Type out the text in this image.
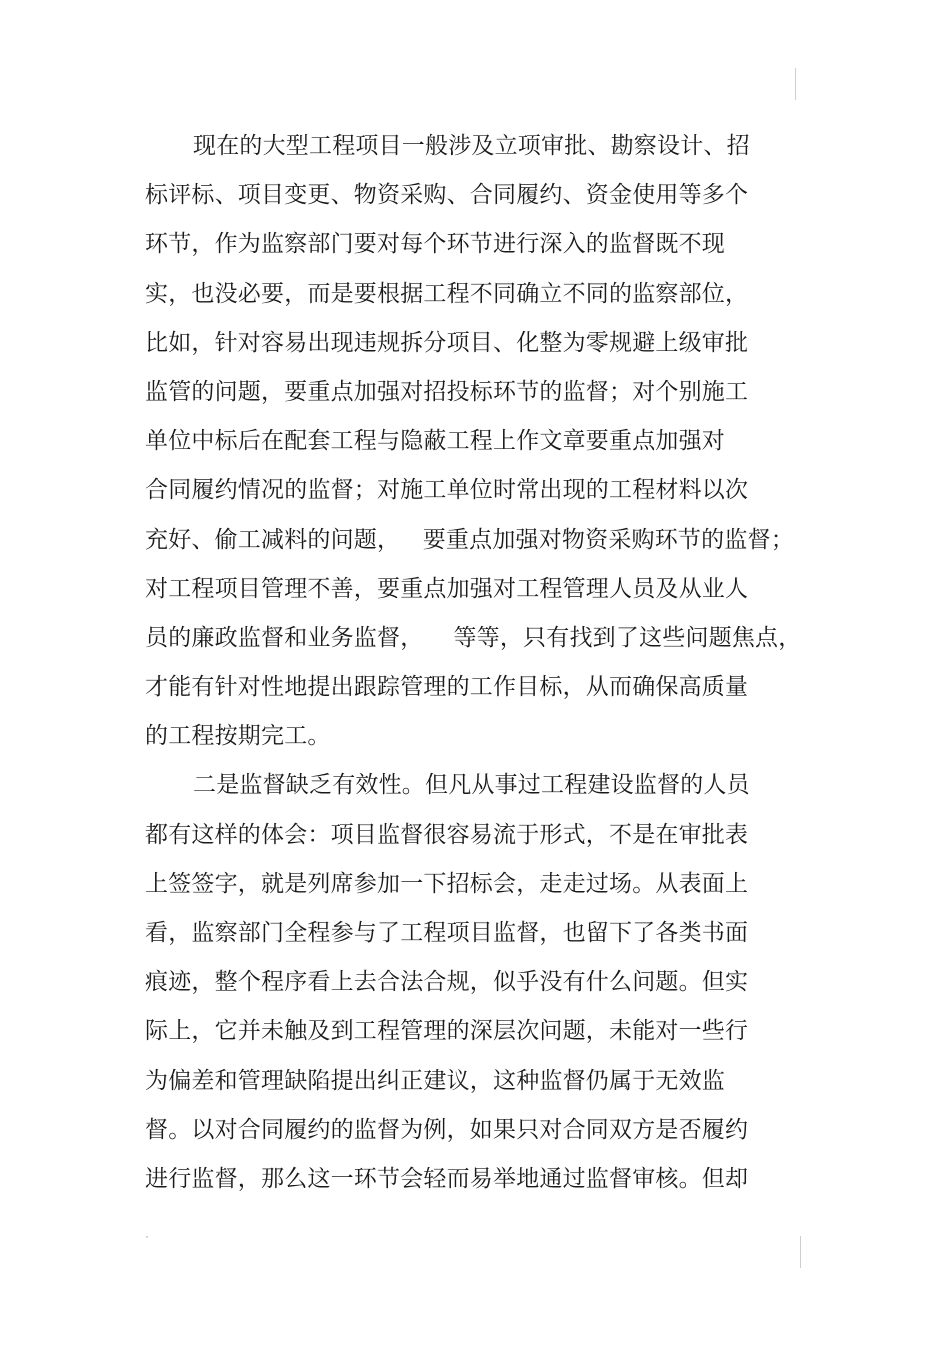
现在的大型工程项目一般涉及立项审批、勘察设计、招
标评标、项目变更、物资采购、合同履约、资金使用等多个
环节，作为监察部门要对每个环节进行深入的监督既不现
实，也没必要，而是要根据工程不同确立不同的监察部位，
比如，针对容易出现违规拆分项目、化整为零规避上级审批
监管的问题，要重点加强对招投标环节的监督；对个别施工
单位中标后在配套工程与隐蔽工程上作文章要重点加强对
合同履约情况的监督；对施工单位时常出现的工程材料以次
充好、偷工减料的问题，   要重点加强对物资采购环节的监督；
对工程项目管理不善，要重点加强对工程管理人员及从业人
员的廉政监督和业务监督，    等等，只有找到了这些问题焦点，
才能有针对性地提出跟踪管理的工作目标，从而确保高质量
的工程按期完工。
二是监督缺乏有效性。但凡从事过工程建设监督的人员
都有这样的体会：项目监督很容易流于形式，不是在审批表
上签签字，就是列席参加一下招标会，走走过场。从表面上
看，监察部门全程参与了工程项目监督，也留下了各类书面
痕迹，整个程序看上去合法合规，似乎没有什么问题。但实
际上，它并未触及到工程管理的深层次问题，未能对一些行
为偏差和管理缺陷提出纠正建议，这种监督仍属于无效监
督。以对合同履约的监督为例，如果只对合同双方是否履约
进行监督，那么这一环节会轻而易举地通过监督审核。但却
